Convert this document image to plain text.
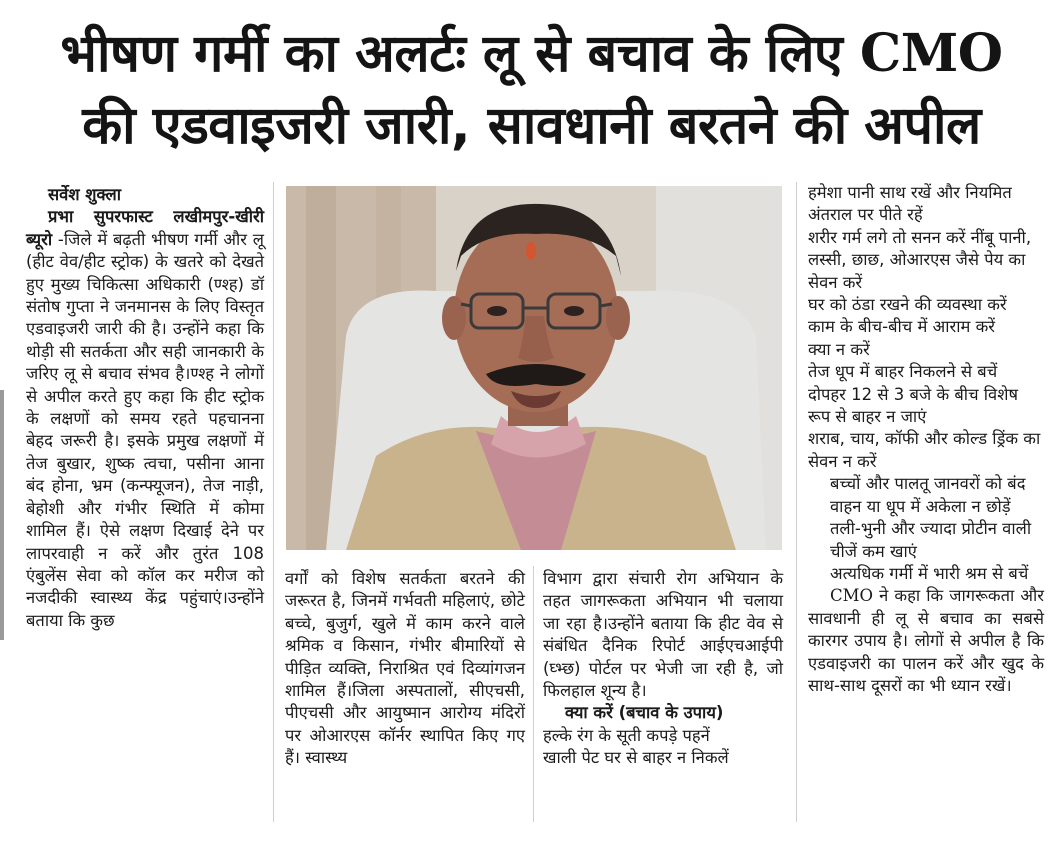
भीषण गर्मी का अलर्टः लू से बचाव के लिए CMO
की एडवाइजरी जारी, सावधानी बरतने की अपील

सर्वेश शुक्ला

प्रभा सुपरफास्ट लखीमपुर-खीरी ब्यूरो -जिले में बढ़ती भीषण गर्मी और लू (हीट वेव/हीट स्ट्रोक) के खतरे को देखते हुए मुख्य चिकित्सा अधिकारी (ण्श्ह) डॉ संतोष गुप्ता ने जनमानस के लिए विस्तृत एडवाइजरी जारी की है। उन्होंने कहा कि थोड़ी सी सतर्कता और सही जानकारी के जरिए लू से बचाव संभव है।ण्श्ह ने लोगों से अपील करते हुए कहा कि हीट स्ट्रोक के लक्षणों को समय रहते पहचानना बेहद जरूरी है। इसके प्रमुख लक्षणों में तेज बुखार, शुष्क त्वचा, पसीना आना बंद होना, भ्रम (कन्फ्यूजन), तेज नाड़ी, बेहोशी और गंभीर स्थिति में कोमा शामिल हैं। ऐसे लक्षण दिखाई देने पर लापरवाही न करें और तुरंत 108 एंबुलेंस सेवा को कॉल कर मरीज को नजदीकी स्वास्थ्य केंद्र पहुंचाएं।उन्होंने बताया कि कुछ

वर्गों को विशेष सतर्कता बरतने की जरूरत है, जिनमें गर्भवती महिलाएं, छोटे बच्चे, बुजुर्ग, खुले में काम करने वाले श्रमिक व किसान, गंभीर बीमारियों से पीड़ित व्यक्ति, निराश्रित एवं दिव्यांगजन शामिल हैं।जिला अस्पतालों, सीएचसी, पीएचसी और आयुष्मान आरोग्य मंदिरों पर ओआरएस कॉर्नर स्थापित किए गए हैं। स्वास्थ्य

विभाग द्वारा संचारी रोग अभियान के तहत जागरूकता अभियान भी चलाया जा रहा है।उन्होंने बताया कि हीट वेव से संबंधित दैनिक रिपोर्ट आईएचआईपी (घ्भ्छ) पोर्टल पर भेजी जा रही है, जो फिलहाल शून्य है।

क्या करें (बचाव के उपाय)

हल्के रंग के सूती कपड़े पहनें

खाली पेट घर से बाहर न निकलें

हमेशा पानी साथ रखें और नियमित अंतराल पर पीते रहें

शरीर गर्म लगे तो सनन करें नींबू पानी, लस्सी, छाछ, ओआरएस जैसे पेय का सेवन करें

घर को ठंडा रखने की व्यवस्था करें

काम के बीच-बीच में आराम करें

क्या न करें

तेज धूप में बाहर निकलने से बचें

दोपहर 12 से 3 बजे के बीच विशेष रूप से बाहर न जाएं

शराब, चाय, कॉफी और कोल्ड ड्रिंक का सेवन न करें

बच्चों और पालतू जानवरों को बंद वाहन या धूप में अकेला न छोड़ें

तली-भुनी और ज्यादा प्रोटीन वाली चीजें कम खाएं

अत्यधिक गर्मी में भारी श्रम से बचें

CMO ने कहा कि जागरूकता और सावधानी ही लू से बचाव का सबसे कारगर उपाय है। लोगों से अपील है कि एडवाइजरी का पालन करें और खुद के साथ-साथ दूसरों का भी ध्यान रखें।
